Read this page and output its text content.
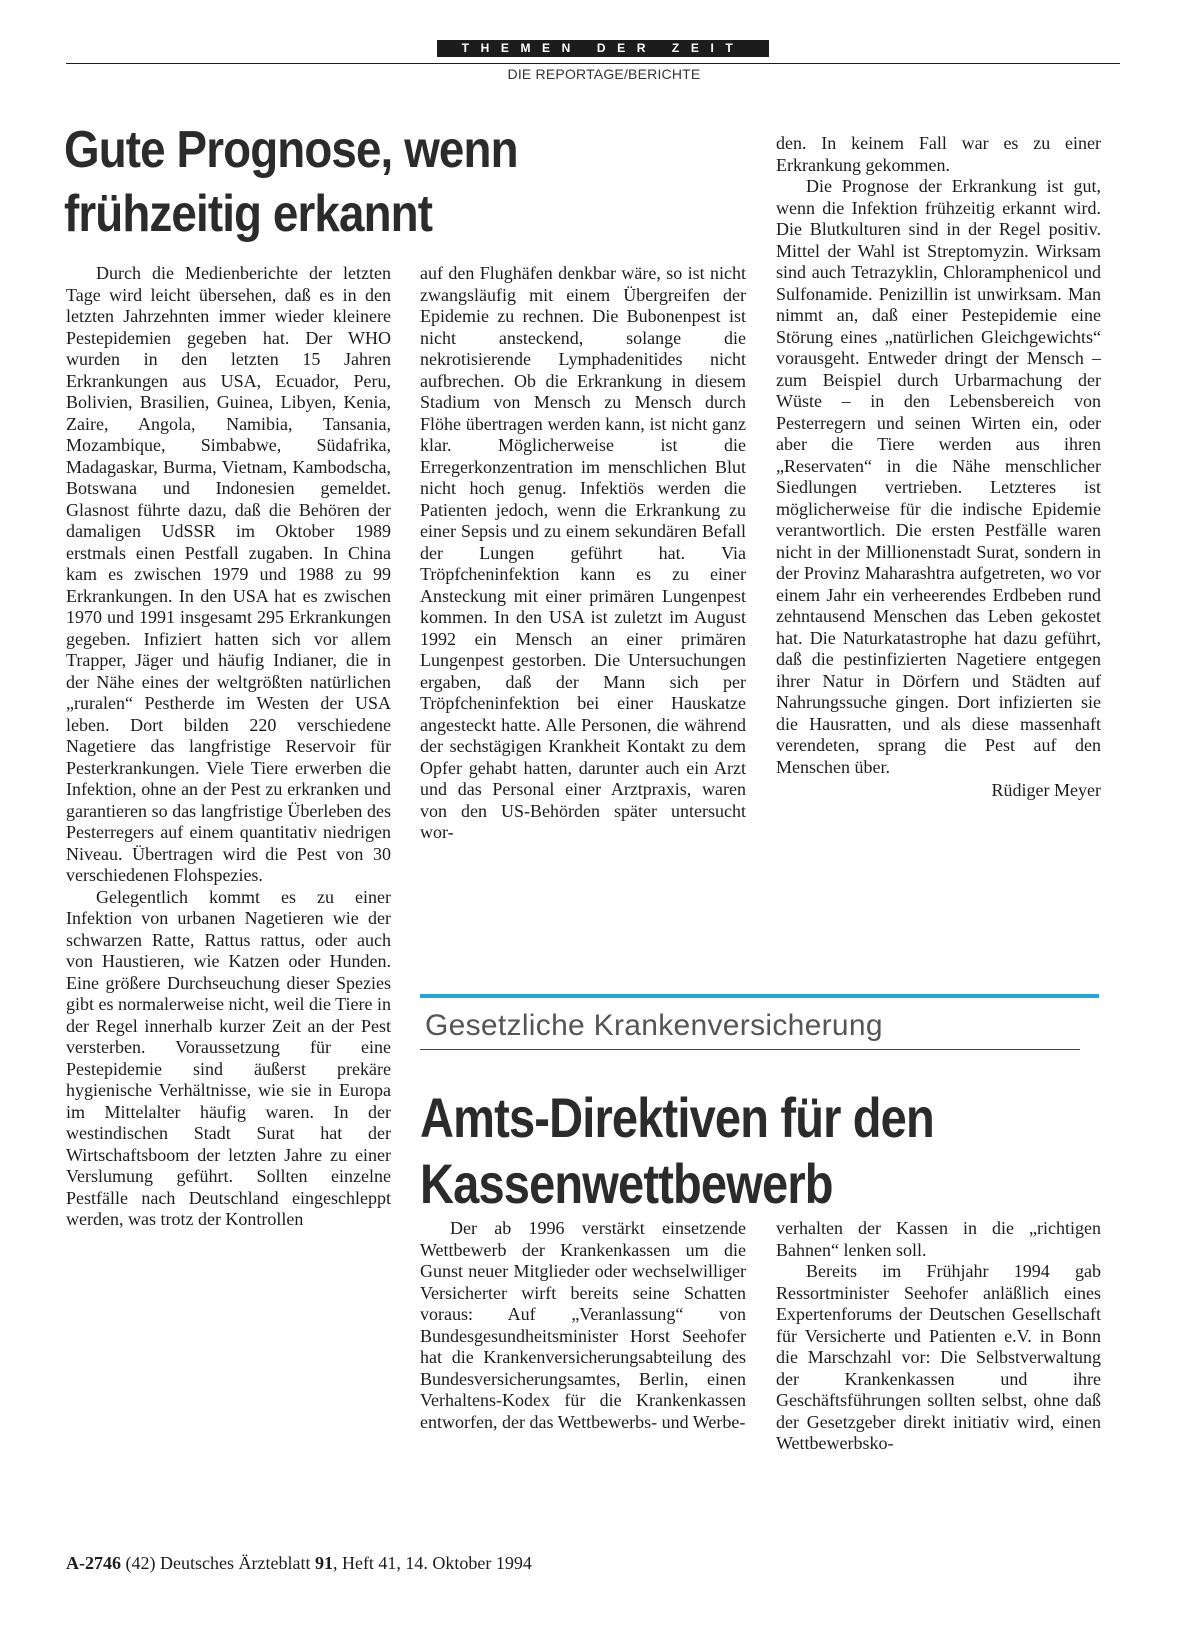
THEMEN DER ZEIT
DIE REPORTAGE/BERICHTE
Gute Prognose, wenn frühzeitig erkannt

Durch die Medienberichte der letzten Tage wird leicht übersehen, daß es in den letzten Jahrzehnten immer wieder kleinere Pestepidemien gegeben hat. Der WHO wurden in den letzten 15 Jahren Erkrankungen aus USA, Ecuador, Peru, Bolivien, Brasilien, Guinea, Libyen, Kenia, Zaire, Angola, Namibia, Tansania, Mozambique, Simbabwe, Südafrika, Madagaskar, Burma, Vietnam, Kambodscha, Botswana und Indonesien gemeldet. Glasnost führte dazu, daß die Behören der damaligen UdSSR im Oktober 1989 erstmals einen Pestfall zugaben. In China kam es zwischen 1979 und 1988 zu 99 Erkrankungen. In den USA hat es zwischen 1970 und 1991 insgesamt 295 Erkrankungen gegeben. Infiziert hatten sich vor allem Trapper, Jäger und häufig Indianer, die in der Nähe eines der weltgrößten natürlichen „ruralen“ Pestherde im Westen der USA leben. Dort bilden 220 verschiedene Nagetiere das langfristige Reservoir für Pesterkrankungen. Viele Tiere erwerben die Infektion, ohne an der Pest zu erkranken und garantieren so das langfristige Überleben des Pesterregers auf einem quantitativ niedrigen Niveau. Übertragen wird die Pest von 30 verschiedenen Flohspezies.

Gelegentlich kommt es zu einer Infektion von urbanen Nagetieren wie der schwarzen Ratte, Rattus rattus, oder auch von Haustieren, wie Katzen oder Hunden. Eine größere Durchseuchung dieser Spezies gibt es normalerweise nicht, weil die Tiere in der Regel innerhalb kurzer Zeit an der Pest versterben. Voraussetzung für eine Pestepidemie sind äußerst prekäre hygienische Verhältnisse, wie sie in Europa im Mittelalter häufig waren. In der westindischen Stadt Surat hat der Wirtschaftsboom der letzten Jahre zu einer Verslumung geführt. Sollten einzelne Pestfälle nach Deutschland eingeschleppt werden, was trotz der Kontrollen

auf den Flughäfen denkbar wäre, so ist nicht zwangsläufig mit einem Übergreifen der Epidemie zu rechnen. Die Bubonenpest ist nicht ansteckend, solange die nekrotisierende Lymphadenitides nicht aufbrechen. Ob die Erkrankung in diesem Stadium von Mensch zu Mensch durch Flöhe übertragen werden kann, ist nicht ganz klar. Möglicherweise ist die Erregerkonzentration im menschlichen Blut nicht hoch genug. Infektiös werden die Patienten jedoch, wenn die Erkrankung zu einer Sepsis und zu einem sekundären Befall der Lungen geführt hat. Via Tröpfcheninfektion kann es zu einer Ansteckung mit einer primären Lungenpest kommen. In den USA ist zuletzt im August 1992 ein Mensch an einer primären Lungenpest gestorben. Die Untersuchungen ergaben, daß der Mann sich per Tröpfcheninfektion bei einer Hauskatze angesteckt hatte. Alle Personen, die während der sechstägigen Krankheit Kontakt zu dem Opfer gehabt hatten, darunter auch ein Arzt und das Personal einer Arztpraxis, waren von den US-Behörden später untersucht wor-

den. In keinem Fall war es zu einer Erkrankung gekommen.

Die Prognose der Erkrankung ist gut, wenn die Infektion frühzeitig erkannt wird. Die Blutkulturen sind in der Regel positiv. Mittel der Wahl ist Streptomyzin. Wirksam sind auch Tetrazyklin, Chloramphenicol und Sulfonamide. Penizillin ist unwirksam. Man nimmt an, daß einer Pestepidemie eine Störung eines „natürlichen Gleichgewichts“ vorausgeht. Entweder dringt der Mensch – zum Beispiel durch Urbarmachung der Wüste – in den Lebensbereich von Pesterregern und seinen Wirten ein, oder aber die Tiere werden aus ihren „Reservaten“ in die Nähe menschlicher Siedlungen vertrieben. Letzteres ist möglicherweise für die indische Epidemie verantwortlich. Die ersten Pestfälle waren nicht in der Millionenstadt Surat, sondern in der Provinz Maharashtra aufgetreten, wo vor einem Jahr ein verheerendes Erdbeben rund zehntausend Menschen das Leben gekostet hat. Die Naturkatastrophe hat dazu geführt, daß die pestinfizierten Nagetiere entgegen ihrer Natur in Dörfern und Städten auf Nahrungssuche gingen. Dort infizierten sie die Hausratten, und als diese massenhaft verendeten, sprang die Pest auf den Menschen über.

Rüdiger Meyer

Gesetzliche Krankenversicherung
Amts-Direktiven für den Kassenwettbewerb

Der ab 1996 verstärkt einsetzende Wettbewerb der Krankenkassen um die Gunst neuer Mitglieder oder wechselwilliger Versicherter wirft bereits seine Schatten voraus: Auf „Veranlassung“ von Bundesgesundheitsminister Horst Seehofer hat die Krankenversicherungsabteilung des Bundesversicherungsamtes, Berlin, einen Verhaltens-Kodex für die Krankenkassen entworfen, der das Wettbewerbs- und Werbe-

verhalten der Kassen in die „richtigen Bahnen“ lenken soll.

Bereits im Frühjahr 1994 gab Ressortminister Seehofer anläßlich eines Expertenforums der Deutschen Gesellschaft für Versicherte und Patienten e.V. in Bonn die Marschzahl vor: Die Selbstverwaltung der Krankenkassen und ihre Geschäftsführungen sollten selbst, ohne daß der Gesetzgeber direkt initiativ wird, einen Wettbewerbsko-

A-2746 (42) Deutsches Ärzteblatt 91, Heft 41, 14. Oktober 1994
